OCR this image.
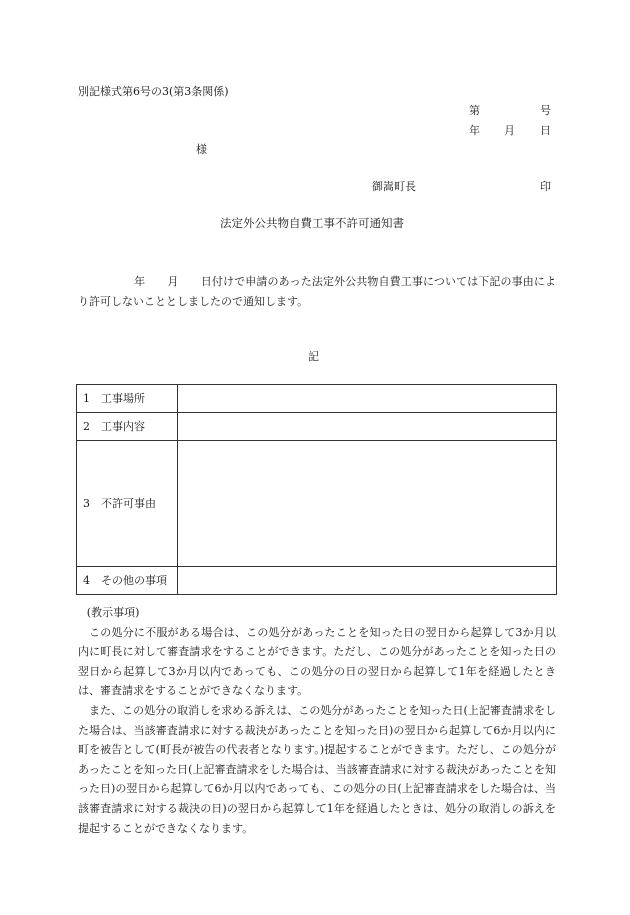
別記様式第6号の3(第3条関係)
第	号
年 月 日
様
御嵩町長	印
法定外公共物自費工事不許可通知書
年　　月　　日付けで申請のあった法定外公共物自費工事については下記の事由により許可しないこととしましたので通知します。
記
1　工事場所	
2　工事内容	
3　不許可事由	
4　その他の事項	

(教示事項)

この処分に不服がある場合は、この処分があったことを知った日の翌日から起算して3か月以内に町長に対して審査請求をすることができます。ただし、この処分があったことを知った日の翌日から起算して3か月以内であっても、この処分の日の翌日から起算して1年を経過したときは、審査請求をすることができなくなります。

また、この処分の取消しを求める訴えは、この処分があったことを知った日(上記審査請求をした場合は、当該審査請求に対する裁決があったことを知った日)の翌日から起算して6か月以内に町を被告として(町長が被告の代表者となります。)提起することができます。ただし、この処分があったことを知った日(上記審査請求をした場合は、当該審査請求に対する裁決があったことを知った日)の翌日から起算して6か月以内であっても、この処分の日(上記審査請求をした場合は、当該審査請求に対する裁決の日)の翌日から起算して1年を経過したときは、処分の取消しの訴えを提起することができなくなります。
